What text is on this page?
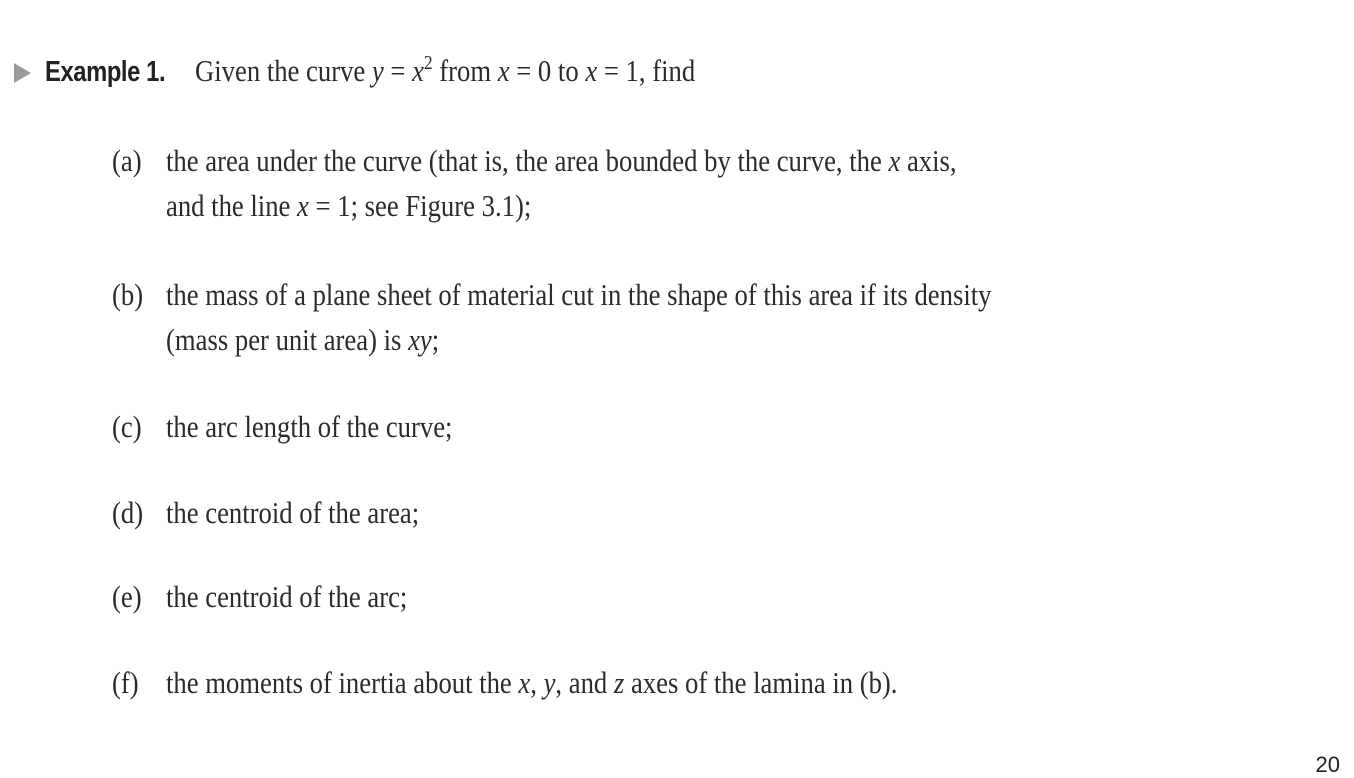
Example 1. Given the curve $y = x^2$ from x = 0 to x = 1, find
(a) the area under the curve (that is, the area bounded by the curve, the x axis,
and the line x = 1; see Figure 3.1);
(b) the mass of a plane sheet of material cut in the shape of this area if its density
(mass per unit area) is xy;
(c) the arc length of the curve;
(d) the centroid of the area;
(e) the centroid of the arc;
(f) the moments of inertia about the x, y, and z axes of the lamina in (b).
20
